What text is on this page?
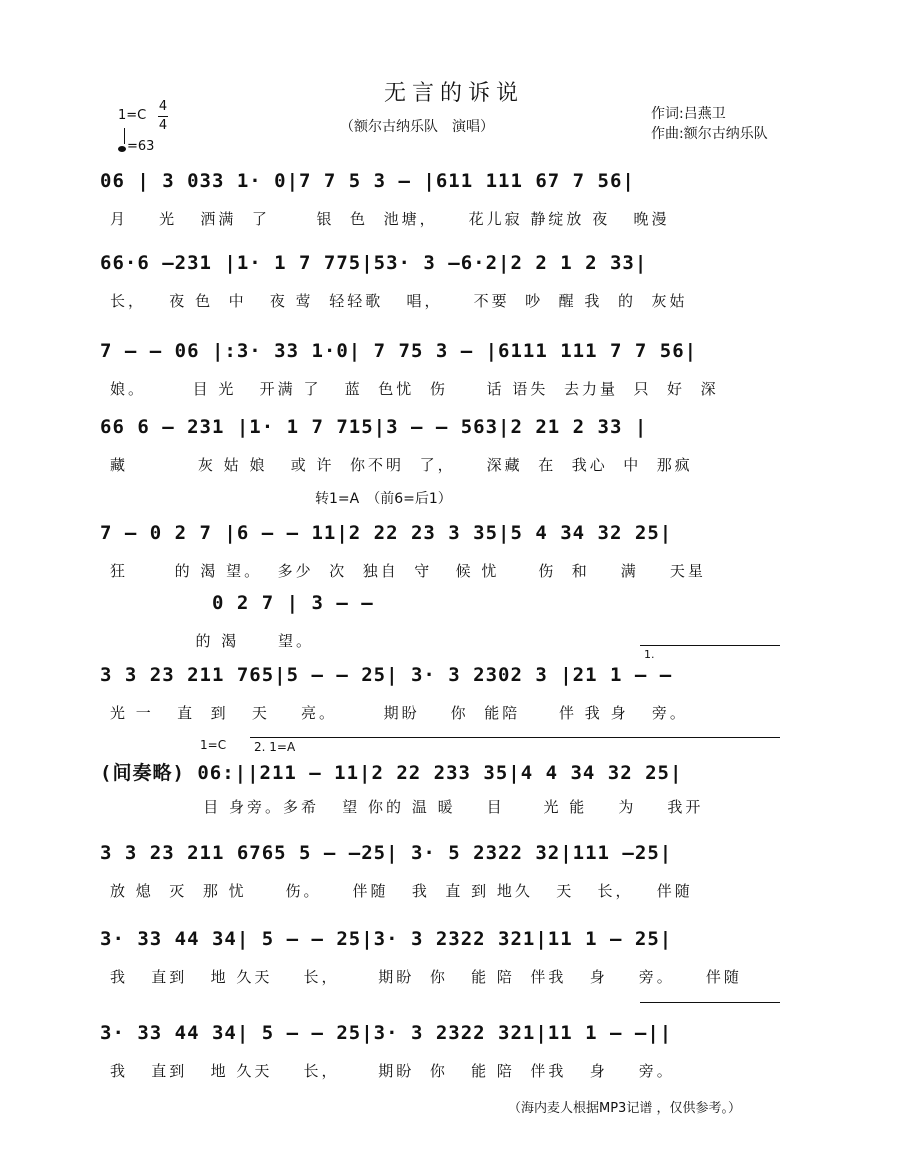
无言的诉说
（额尔古纳乐队　演唱）
作词:吕燕卫
作曲:额尔古纳乐队
1=C
4
4
=63
06 | 3 033 1· 0|7 7 5 3 — |611 111 67 7 56|
月    光   洒满  了      银  色  池塘，    花儿寂 静绽放 夜   晚漫
66·6 —231 |1· 1 7 775|53· 3 —6·2|2 2 1 2 33|
长，   夜 色  中   夜 莺  轻轻歌   唱，    不要  吵  醒 我  的  灰姑
7 — — 06 |:3· 33 1·0| 7 75 3 — |6111 111 7 7 56|
娘。      目 光   开满 了   蓝  色忧  伤     话 语失  去力量  只  好  深
66 6 — 231 |1· 1 7 715|3 — — 563|2 21 2 33 |
藏         灰 姑 娘   或 许  你不明  了，    深藏  在  我心  中  那疯
转1=A　（前6=后1）
7 — 0 2 7 |6 — — 11|2 22 23 3 35|5 4 34 32 25|
狂      的 渴 望。  多少  次  独自  守   候 忧     伤  和    满    天星
0 2 7 | 3 — —
的 渴     望。
1.
3 3 23 211 765|5 — — 25| 3· 3 2302 3 |21 1 — —
光 一   直  到   天    亮。      期盼    你  能陪     伴 我 身   旁。
1=C 2. 1=A
(间奏略) 06:||211 — 11|2 22 233 35|4 4 34 32 25|
目 身旁。多希   望 你的 温 暖    目     光 能    为    我开
3 3 23 211 6765 5 — —25| 3· 5 2322 32|111 —25|
放 熄  灭  那 忧     伤。    伴随   我  直 到 地久   天   长，   伴随
3· 33 44 34| 5 — — 25|3· 3 2322 321|11 1 — 25|
我   直到   地 久天    长，     期盼  你   能 陪  伴我   身    旁。    伴随
3· 33 44 34| 5 — — 25|3· 3 2322 321|11 1 — —||
我   直到   地 久天    长，     期盼  你   能 陪  伴我   身    旁。
（海内麦人根据MP3记谱 ，仅供参考。）
